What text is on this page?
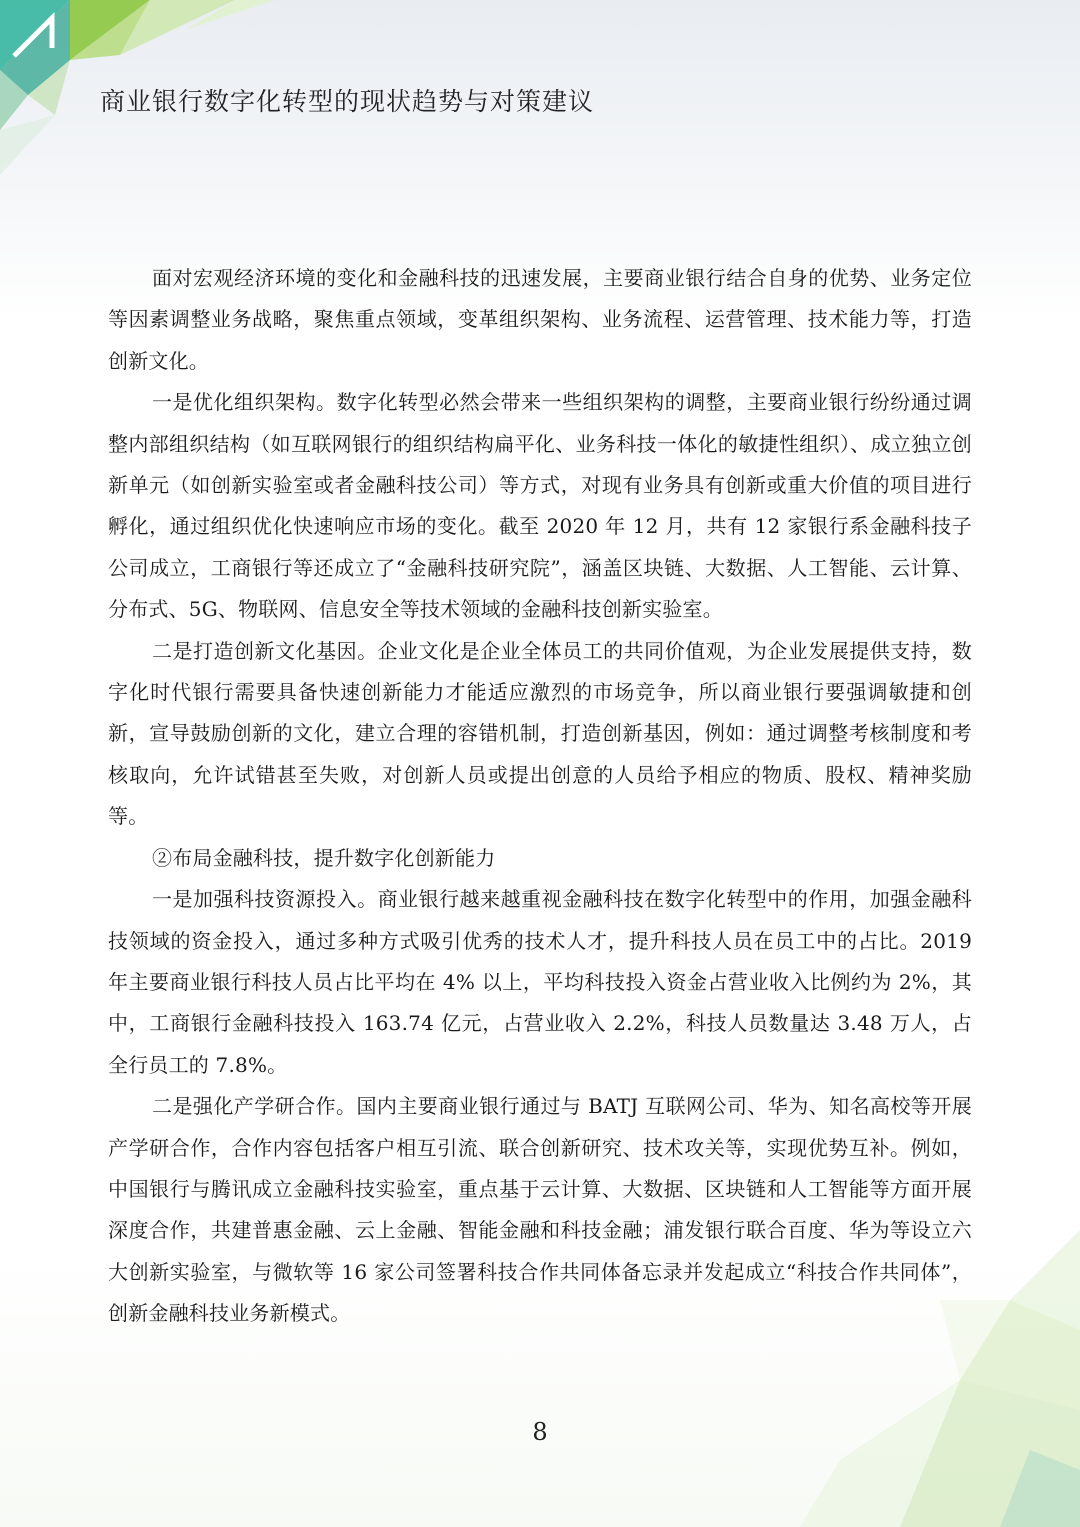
商业银行数字化转型的现状趋势与对策建议

面对宏观经济环境的变化和金融科技的迅速发展，主要商业银行结合自身的优势、业务定位等因素调整业务战略，聚焦重点领域，变革组织架构、业务流程、运营管理、技术能力等，打造创新文化。

一是优化组织架构。数字化转型必然会带来一些组织架构的调整，主要商业银行纷纷通过调整内部组织结构（如互联网银行的组织结构扁平化、业务科技一体化的敏捷性组织）、成立独立创新单元（如创新实验室或者金融科技公司）等方式，对现有业务具有创新或重大价值的项目进行孵化，通过组织优化快速响应市场的变化。截至 2020 年 12 月，共有 12 家银行系金融科技子公司成立，工商银行等还成立了“金融科技研究院”，涵盖区块链、大数据、人工智能、云计算、分布式、5G、物联网、信息安全等技术领域的金融科技创新实验室。

二是打造创新文化基因。企业文化是企业全体员工的共同价值观，为企业发展提供支持，数字化时代银行需要具备快速创新能力才能适应激烈的市场竞争，所以商业银行要强调敏捷和创新，宣导鼓励创新的文化，建立合理的容错机制，打造创新基因，例如：通过调整考核制度和考核取向，允许试错甚至失败，对创新人员或提出创意的人员给予相应的物质、股权、精神奖励等。

②布局金融科技，提升数字化创新能力

一是加强科技资源投入。商业银行越来越重视金融科技在数字化转型中的作用，加强金融科技领域的资金投入，通过多种方式吸引优秀的技术人才，提升科技人员在员工中的占比。2019 年主要商业银行科技人员占比平均在 4% 以上，平均科技投入资金占营业收入比例约为 2%，其中，工商银行金融科技投入 163.74 亿元，占营业收入 2.2%，科技人员数量达 3.48 万人，占全行员工的 7.8%。

二是强化产学研合作。国内主要商业银行通过与 BATJ 互联网公司、华为、知名高校等开展产学研合作，合作内容包括客户相互引流、联合创新研究、技术攻关等，实现优势互补。例如，中国银行与腾讯成立金融科技实验室，重点基于云计算、大数据、区块链和人工智能等方面开展深度合作，共建普惠金融、云上金融、智能金融和科技金融；浦发银行联合百度、华为等设立六大创新实验室，与微软等 16 家公司签署科技合作共同体备忘录并发起成立“科技合作共同体”，创新金融科技业务新模式。

8
